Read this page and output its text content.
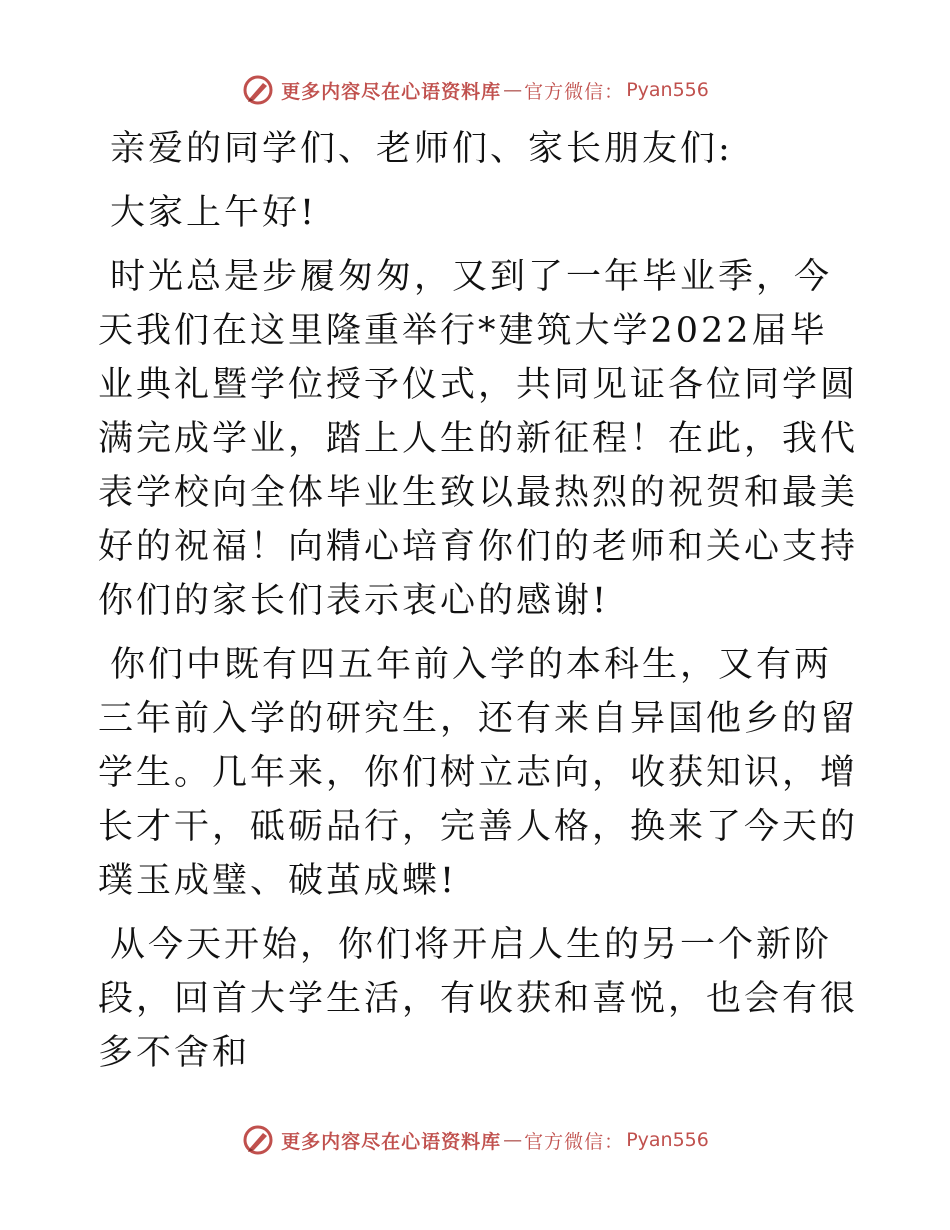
更多内容尽在心语资料库 — 官方微信： Pyan556

亲爱的同学们、老师们、家长朋友们:

大家上午好!

时光总是步履匆匆，又到了一年毕业季，今天我们在这里隆重举行*建筑大学2022届毕业典礼暨学位授予仪式，共同见证各位同学圆满完成学业，踏上人生的新征程！在此，我代表学校向全体毕业生致以最热烈的祝贺和最美好的祝福！向精心培育你们的老师和关心支持你们的家长们表示衷心的感谢!

你们中既有四五年前入学的本科生，又有两三年前入学的研究生，还有来自异国他乡的留学生。几年来，你们树立志向，收获知识，增长才干，砥砺品行，完善人格，换来了今天的璞玉成璧、破茧成蝶!

从今天开始，你们将开启人生的另一个新阶段，回首大学生活，有收获和喜悦，也会有很多不舍和

更多内容尽在心语资料库 — 官方微信： Pyan556
